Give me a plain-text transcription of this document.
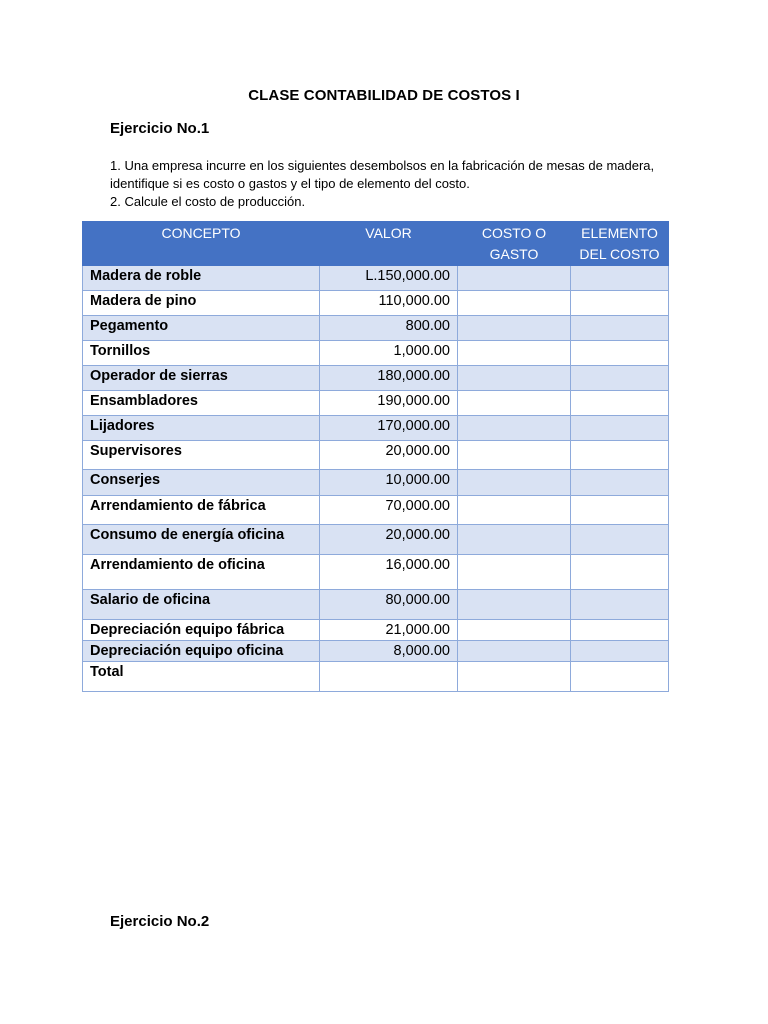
CLASE CONTABILIDAD DE COSTOS I
Ejercicio No.1

1. Una empresa incurre en los siguientes desembolsos en la fabricación de mesas de madera, identifique si es costo o gastos y el tipo de elemento del costo.

2. Calcule el costo de producción.

CONCEPTO	VALOR	COSTO O GASTO	ELEMENTO DEL COSTO
Madera de roble	L.150,000.00		
Madera de pino	110,000.00		
Pegamento	800.00		
Tornillos	1,000.00		
Operador de sierras	180,000.00		
Ensambladores	190,000.00		
Lijadores	170,000.00		
Supervisores	20,000.00		
Conserjes	10,000.00		
Arrendamiento de fábrica	70,000.00		
Consumo de energía oficina	20,000.00		
Arrendamiento de oficina	16,000.00		
Salario de oficina	80,000.00		
Depreciación equipo fábrica	21,000.00		
Depreciación equipo oficina	8,000.00		
Total			
Ejercicio No.2
